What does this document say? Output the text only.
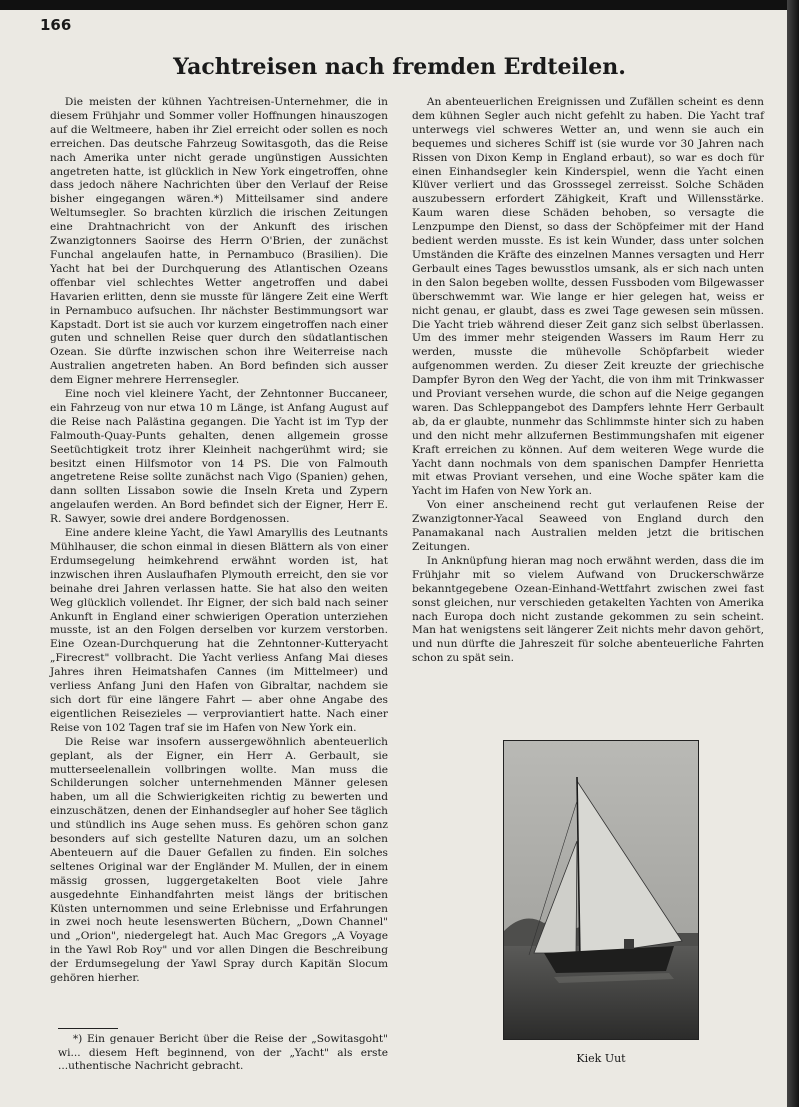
166
Yachtreisen nach fremden Erdteilen.

Die meisten der kühnen Yachtreisen-Unternehmer, die in diesem Frühjahr und Sommer voller Hoffnungen hinauszogen auf die Weltmeere, haben ihr Ziel erreicht oder sollen es noch erreichen. Das deutsche Fahrzeug Sowitasgoth, das die Reise nach Amerika unter nicht gerade ungünstigen Aussichten angetreten hatte, ist glücklich in New York eingetroffen, ohne dass jedoch nähere Nachrichten über den Verlauf der Reise bisher eingegangen wären.*) Mitteilsamer sind andere Weltumsegler. So brachten kürzlich die irischen Zeitungen eine Drahtnachricht von der Ankunft des irischen Zwanzigtonners Saoirse des Herrn O'Brien, der zunächst Funchal angelaufen hatte, in Pernambuco (Brasilien). Die Yacht hat bei der Durchquerung des Atlantischen Ozeans offenbar viel schlechtes Wetter angetroffen und dabei Havarien erlitten, denn sie musste für längere Zeit eine Werft in Pernambuco aufsuchen. Ihr nächster Bestimmungsort war Kapstadt. Dort ist sie auch vor kurzem eingetroffen nach einer guten und schnellen Reise quer durch den südatlantischen Ozean. Sie dürfte inzwischen schon ihre Weiterreise nach Australien angetreten haben. An Bord befinden sich ausser dem Eigner mehrere Herrensegler.

Eine noch viel kleinere Yacht, der Zehntonner Buccaneer, ein Fahrzeug von nur etwa 10 m Länge, ist Anfang August auf die Reise nach Palästina gegangen. Die Yacht ist im Typ der Falmouth-Quay-Punts gehalten, denen allgemein grosse Seetüchtigkeit trotz ihrer Kleinheit nachgerühmt wird; sie besitzt einen Hilfsmotor von 14 PS. Die von Falmouth angetretene Reise sollte zunächst nach Vigo (Spanien) gehen, dann sollten Lissabon sowie die Inseln Kreta und Zypern angelaufen werden. An Bord befindet sich der Eigner, Herr E. R. Sawyer, sowie drei andere Bordgenossen.

Eine andere kleine Yacht, die Yawl Amaryllis des Leutnants Mühlhauser, die schon einmal in diesen Blättern als von einer Erdumsegelung heimkehrend erwähnt worden ist, hat inzwischen ihren Auslaufhafen Plymouth erreicht, den sie vor beinahe drei Jahren verlassen hatte. Sie hat also den weiten Weg glücklich vollendet. Ihr Eigner, der sich bald nach seiner Ankunft in England einer schwierigen Operation unterziehen musste, ist an den Folgen derselben vor kurzem verstorben. Eine Ozean-Durchquerung hat die Zehntonner-Kutteryacht „Firecrest" vollbracht. Die Yacht verliess Anfang Mai dieses Jahres ihren Heimatshafen Cannes (im Mittelmeer) und verliess Anfang Juni den Hafen von Gibraltar, nachdem sie sich dort für eine längere Fahrt — aber ohne Angabe des eigentlichen Reisezieles — verproviantiert hatte. Nach einer Reise von 102 Tagen traf sie im Hafen von New York ein.

Die Reise war insofern aussergewöhnlich abenteuerlich geplant, als der Eigner, ein Herr A. Gerbault, sie mutterseelenallein vollbringen wollte. Man muss die Schilderungen solcher unternehmenden Männer gelesen haben, um all die Schwierigkeiten richtig zu bewerten und einzuschätzen, denen der Einhandsegler auf hoher See täglich und stündlich ins Auge sehen muss. Es gehören schon ganz besonders auf sich gestellte Naturen dazu, um an solchen Abenteuern auf die Dauer Gefallen zu finden. Ein solches seltenes Original war der Engländer M. Mullen, der in einem mässig grossen, luggergetakelten Boot viele Jahre ausgedehnte Einhandfahrten meist längs der britischen Küsten unternommen und seine Erlebnisse und Erfahrungen in zwei noch heute lesenswerten Büchern, „Down Channel" und „Orion", niedergelegt hat. Auch Mac Gregors „A Voyage in the Yawl Rob Roy" und vor allen Dingen die Beschreibung der Erdumsegelung der Yawl Spray durch Kapitän Slocum gehören hierher.

An abenteuerlichen Ereignissen und Zufällen scheint es denn dem kühnen Segler auch nicht gefehlt zu haben. Die Yacht traf unterwegs viel schweres Wetter an, und wenn sie auch ein bequemes und sicheres Schiff ist (sie wurde vor 30 Jahren nach Rissen von Dixon Kemp in England erbaut), so war es doch für einen Einhandsegler kein Kinderspiel, wenn die Yacht einen Klüver verliert und das Grosssegel zerreisst. Solche Schäden auszubessern erfordert Zähigkeit, Kraft und Willensstärke. Kaum waren diese Schäden behoben, so versagte die Lenzpumpe den Dienst, so dass der Schöpfeimer mit der Hand bedient werden musste. Es ist kein Wunder, dass unter solchen Umständen die Kräfte des einzelnen Mannes versagten und Herr Gerbault eines Tages bewusstlos umsank, als er sich nach unten in den Salon begeben wollte, dessen Fussboden vom Bilgewasser überschwemmt war. Wie lange er hier gelegen hat, weiss er nicht genau, er glaubt, dass es zwei Tage gewesen sein müssen. Die Yacht trieb während dieser Zeit ganz sich selbst überlassen. Um des immer mehr steigenden Wassers im Raum Herr zu werden, musste die mühevolle Schöpfarbeit wieder aufgenommen werden. Zu dieser Zeit kreuzte der griechische Dampfer Byron den Weg der Yacht, die von ihm mit Trinkwasser und Proviant versehen wurde, die schon auf die Neige gegangen waren. Das Schleppangebot des Dampfers lehnte Herr Gerbault ab, da er glaubte, nunmehr das Schlimmste hinter sich zu haben und den nicht mehr allzufernen Bestimmungshafen mit eigener Kraft erreichen zu können. Auf dem weiteren Wege wurde die Yacht dann nochmals von dem spanischen Dampfer Henrietta mit etwas Proviant versehen, und eine Woche später kam die Yacht im Hafen von New York an.

Von einer anscheinend recht gut verlaufenen Reise der Zwanzigtonner-Yacal Seaweed von England durch den Panamakanal nach Australien melden jetzt die britischen Zeitungen.

In Anknüpfung hieran mag noch erwähnt werden, dass die im Frühjahr mit so vielem Aufwand von Druckerschwärze bekanntgegebene Ozean-Einhand-Wettfahrt zwischen zwei fast sonst gleichen, nur verschieden getakelten Yachten von Amerika nach Europa doch nicht zustande gekommen zu sein scheint. Man hat wenigstens seit längerer Zeit nichts mehr davon gehört, und nun dürfte die Jahreszeit für solche abenteuerliche Fahrten schon zu spät sein.

*) Ein genauer Bericht über die Reise der „Sowitasgoht" wi... diesem Heft beginnend, von der „Yacht" als erste ...uthentische Nachricht gebracht.

Kiek Uut
